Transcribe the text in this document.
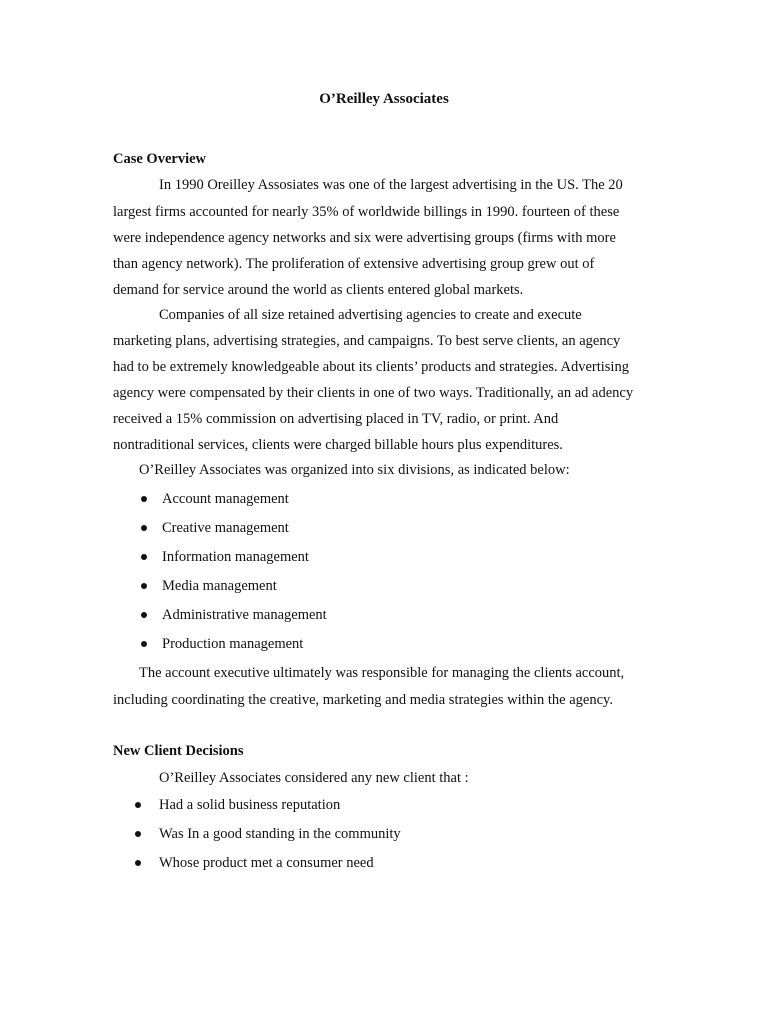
O’Reilley Associates
Case Overview
In 1990 Oreilley Assosiates was one of the largest advertising in the US. The 20
largest firms accounted for nearly 35% of worldwide billings in 1990. fourteen of these
were independence agency networks and six were advertising groups (firms with more
than agency network). The proliferation of extensive advertising group grew out of
demand for service around the world as clients entered global markets.
Companies of all size retained advertising agencies to create and execute
marketing plans, advertising strategies, and campaigns. To best serve clients, an agency
had to be extremely knowledgeable about its clients’ products and strategies. Advertising
agency were compensated by their clients in one of two ways. Traditionally, an ad adency
received a 15% commission on advertising placed in TV, radio, or print. And
nontraditional services, clients were charged billable hours plus expenditures.
O’Reilley Associates was organized into six divisions, as indicated below:
Account management
Creative management
Information management
Media management
Administrative management
Production management
The account executive ultimately was responsible for managing the clients account,
including coordinating the creative, marketing and media strategies within the agency.
New Client Decisions
O’Reilley Associates considered any new client that :
Had a solid business reputation
Was In a good standing in the community
Whose product met a consumer need
